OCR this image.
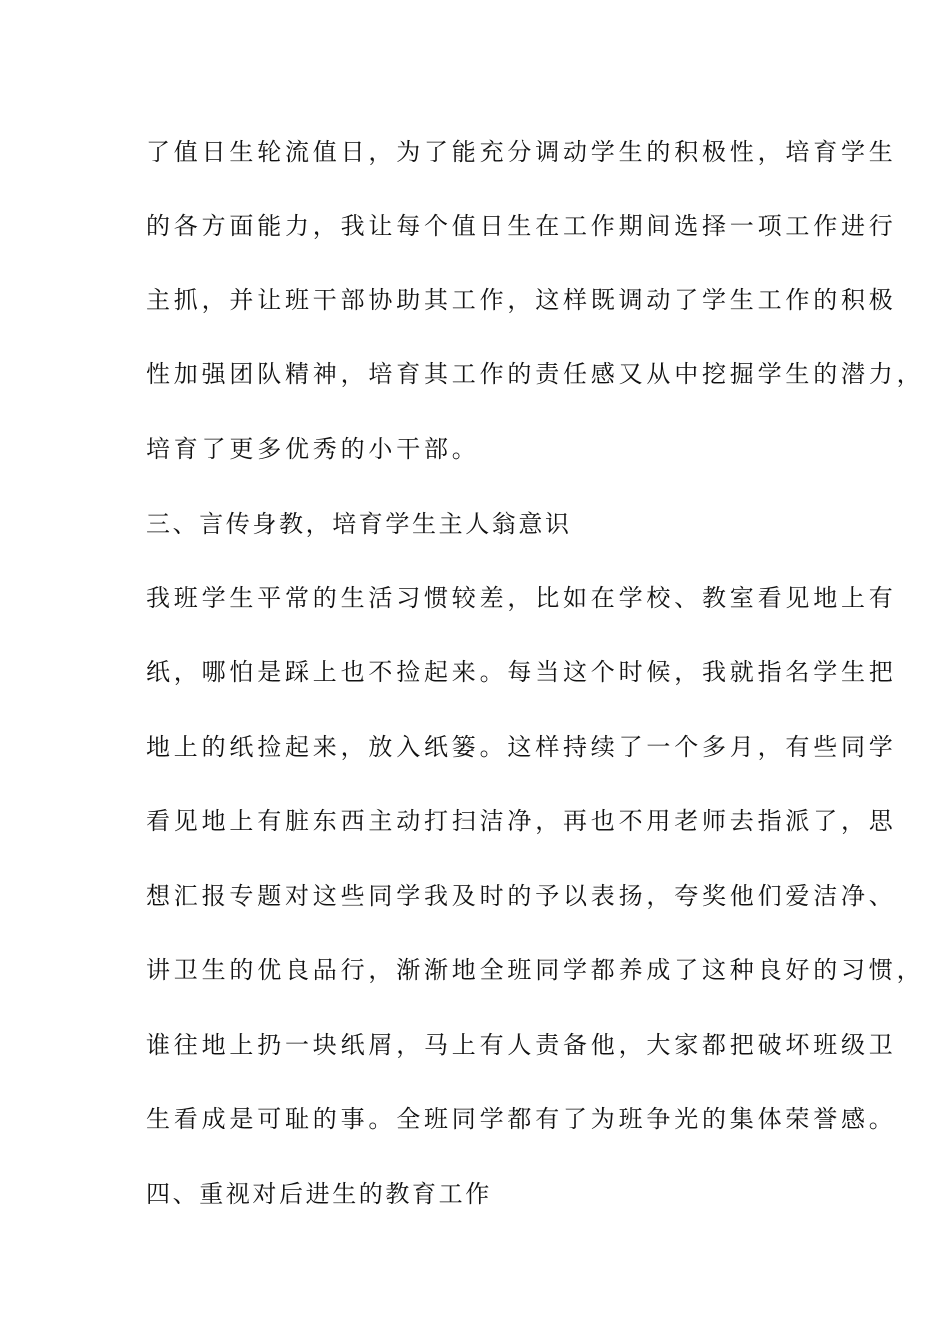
了值日生轮流值日，为了能充分调动学生的积极性，培育学生
的各方面能力，我让每个值日生在工作期间选择一项工作进行
主抓，并让班干部协助其工作，这样既调动了学生工作的积极
性加强团队精神，培育其工作的责任感又从中挖掘学生的潜力，
培育了更多优秀的小干部。
三、言传身教，培育学生主人翁意识
我班学生平常的生活习惯较差，比如在学校、教室看见地上有
纸，哪怕是踩上也不捡起来。每当这个时候，我就指名学生把
地上的纸捡起来，放入纸篓。这样持续了一个多月，有些同学
看见地上有脏东西主动打扫洁净，再也不用老师去指派了，思
想汇报专题对这些同学我及时的予以表扬，夸奖他们爱洁净、
讲卫生的优良品行，渐渐地全班同学都养成了这种良好的习惯，
谁往地上扔一块纸屑，马上有人责备他，大家都把破坏班级卫
生看成是可耻的事。全班同学都有了为班争光的集体荣誉感。
四、重视对后进生的教育工作
